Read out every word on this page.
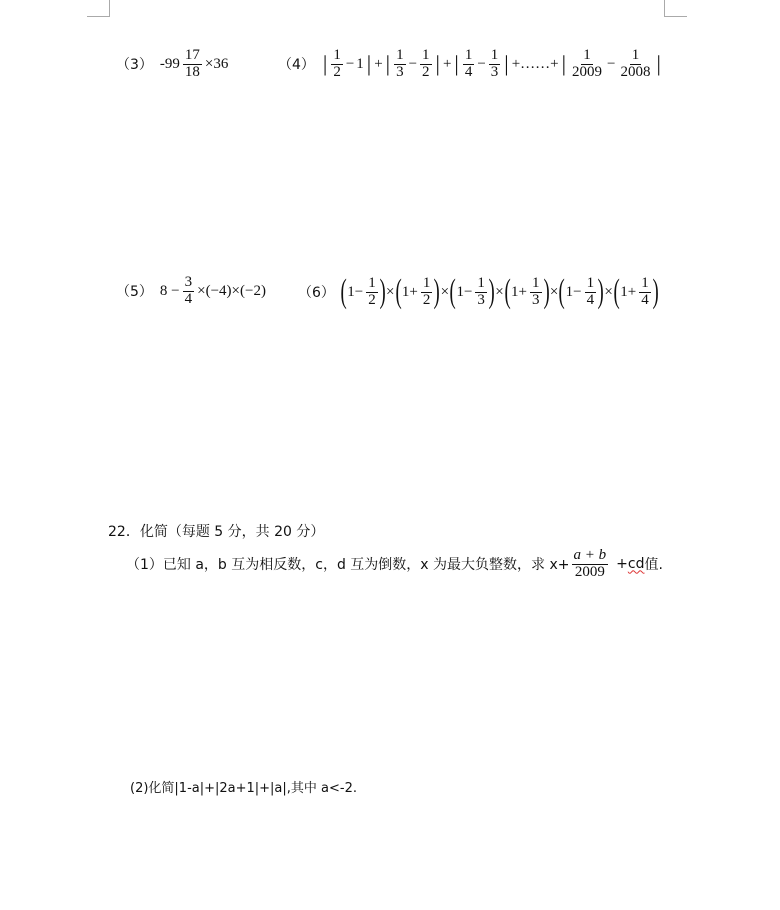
（3） $-99 \frac{17}{18} \times 36$	（4） | $\frac{1}{2} - 1$ | + | $\frac{1}{3} - \frac{1}{2}$ | + | $\frac{1}{4} - \frac{1}{3}$ | +……+ | $\frac{1}{2009} - \frac{1}{2008}$ |
（5） $8 - \frac{3}{4} \times(-4)\times(-2)$ （6） ( $1- \frac{1}{2}$ ) × ( $1+ \frac{1}{2}$ ) × ( $1- \frac{1}{3}$ ) × ( $1+ \frac{1}{3}$ ) × ( $1- \frac{1}{4}$ ) × ( $1+ \frac{1}{4}$ )
22．化简（每题 5 分，共 20 分）
（1）已知 a，b 互为相反数，c，d 互为倒数，x 为最大负整数，求 $x+ \frac{a + b}{2009}$ + cd 值.
(2)化简|1-a|+|2a+1|+|a|,其中 a<-2.
